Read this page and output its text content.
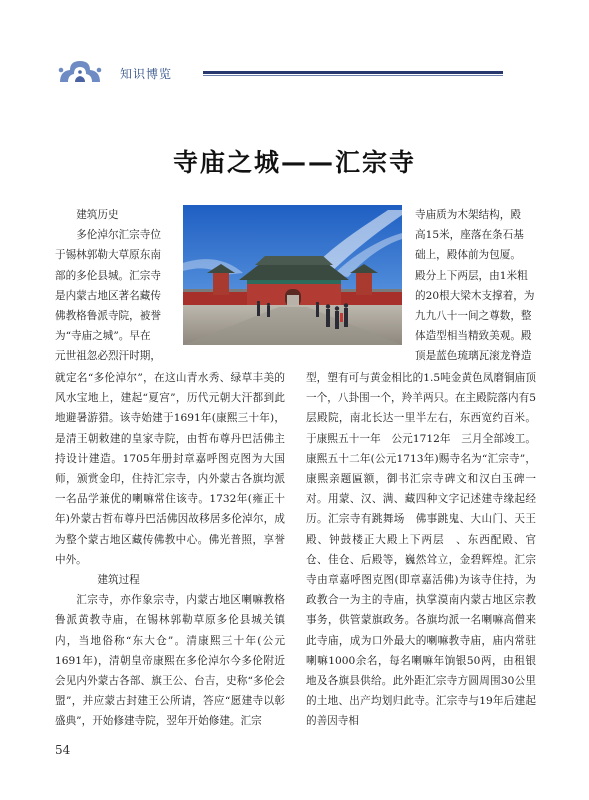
知识博览
寺庙之城——汇宗寺

建筑历史

多伦淖尔汇宗寺位

于锡林郭勒大草原东南

部的多伦县城。汇宗寺

是内蒙古地区著名藏传

佛教格鲁派寺院，被誉

为“寺庙之城”。早在

元世祖忽必烈汗时期，

寺庙质为木架结构，殿

高15米，座落在条石基

础上，殿体前为包厦。

殿分上下两层，由1米粗

的20根大梁木支撑着，为

九九八十一间之尊数，整

体造型相当精致美观。殿

顶是蓝色琉璃瓦滚龙脊造

就定名“多伦淖尔”，在这山青水秀、绿草丰美的风水宝地上，建起“夏宫”，历代元朝大汗都到此地避暑游猎。该寺始建于1691年(康熙三十年)，是清王朝敕建的皇家寺院，由哲布尊丹巴活佛主持设计建造。1705年册封章嘉呼图克图为大国师，颁赏金印，住持汇宗寺，内外蒙古各旗均派一名品学兼优的喇嘛常住该寺。1732年(雍正十年)外蒙古哲布尊丹巴活佛因故移居多伦淖尔，成为整个蒙古地区藏传佛教中心。佛光普照，享誉中外。

建筑过程

汇宗寺，亦作象宗寺，内蒙古地区喇嘛教格鲁派黄教寺庙，在锡林郭勒草原多伦县城关镇内，当地俗称“东大仓”。清康熙三十年(公元1691年)，清朝皇帝康熙在多伦淖尔今多伦附近会见内外蒙古各部、旗王公、台吉，史称“多伦会盟”，并应蒙古封建王公所请，答应“愿建寺以彰盛典”，开始修建寺院，翌年开始修建。汇宗

型，塑有可与黄金相比的1.5吨金黄色凤磨铜庙顶一个，八卦围一个，羚羊两只。在主殿院落内有5层殿院，南北长达一里半左右，东西宽约百米。于康熙五十一年　公元1712年　三月全部竣工。康熙五十二年(公元1713年)赐寺名为“汇宗寺”，康熙亲题匾额，御书汇宗寺碑文和汉白玉碑一对。用蒙、汉、满、藏四种文字记述建寺缘起经历。汇宗寺有跳舞场　佛事跳鬼、大山门、天王殿、钟鼓楼正大殿上下两层　、东西配殿、官仓、佳仓、后殿等，巍然耸立，金碧辉煌。汇宗寺由章嘉呼图克图(即章嘉活佛)为该寺住持，为政教合一为主的寺庙，执掌漠南内蒙古地区宗教事务，供管蒙旗政务。各旗均派一名喇嘛高僧来此寺庙，成为口外最大的喇嘛教寺庙，庙内常驻喇嘛1000余名，每名喇嘛年饷银50两，由租银地及各旗县供给。此外距汇宗寺方圆周围30公里的土地、出产均划归此寺。汇宗寺与19年后建起的善因寺相

54
